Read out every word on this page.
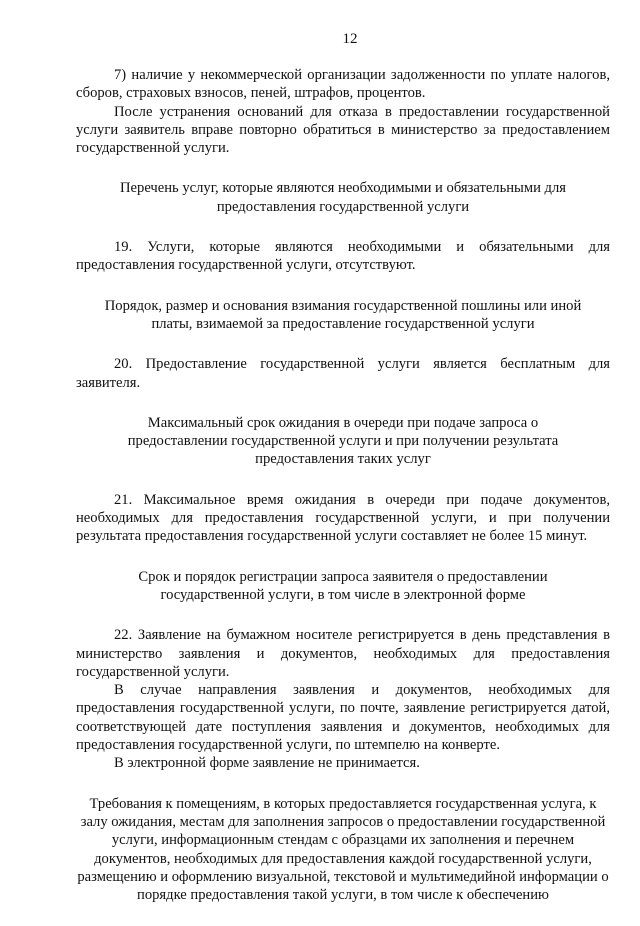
12

7) наличие у некоммерческой организации задолженности по уплате налогов, сборов, страховых взносов, пеней, штрафов, процентов.

После устранения оснований для отказа в предоставлении государственной услуги заявитель вправе повторно обратиться в министерство за предоставлением государственной услуги.

Перечень услуг, которые являются необходимыми и обязательными для предоставления государственной услуги

19. Услуги, которые являются необходимыми и обязательными для предоставления государственной услуги, отсутствуют.

Порядок, размер и основания взимания государственной пошлины или иной платы, взимаемой за предоставление государственной услуги

20. Предоставление государственной услуги является бесплатным для заявителя.

Максимальный срок ожидания в очереди при подаче запроса о предоставлении государственной услуги и при получении результата предоставления таких услуг

21. Максимальное время ожидания в очереди при подаче документов, необходимых для предоставления государственной услуги, и при получении результата предоставления государственной услуги составляет не более 15 минут.

Срок и порядок регистрации запроса заявителя о предоставлении государственной услуги, в том числе в электронной форме

22. Заявление на бумажном носителе регистрируется в день представления в министерство заявления и документов, необходимых для предоставления государственной услуги.

В случае направления заявления и документов, необходимых для предоставления государственной услуги, по почте, заявление регистрируется датой, соответствующей дате поступления заявления и документов, необходимых для предоставления государственной услуги, по штемпелю на конверте.

В электронной форме заявление не принимается.

Требования к помещениям, в которых предоставляется государственная услуга, к залу ожидания, местам для заполнения запросов о предоставлении государственной услуги, информационным стендам с образцами их заполнения и перечнем документов, необходимых для предоставления каждой государственной услуги, размещению и оформлению визуальной, текстовой и мультимедийной информации о порядке предоставления такой услуги, в том числе к обеспечению
